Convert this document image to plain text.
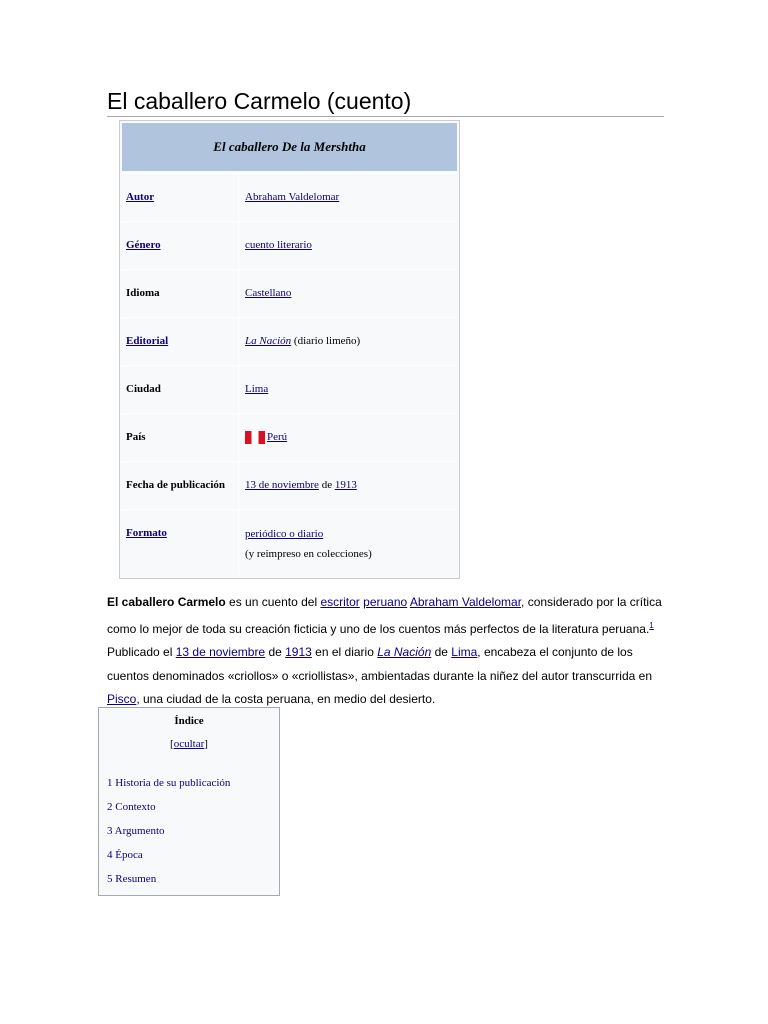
El caballero Carmelo (cuento)
El caballero De la Mershtha
Autor	Abraham Valdelomar
Género	cuento literario
Idioma	Castellano
Editorial	La Nación (diario limeño)
Ciudad	Lima
País	Perú
Fecha de publicación 13 de noviembre de 1913
Formato	periódico o diario
(y reimpreso en colecciones)
El caballero Carmelo es un cuento del escritor peruano Abraham Valdelomar, considerado por la crítica como lo mejor de toda su creación ficticia y uno de los cuentos más perfectos de la literatura peruana.$^1$ Publicado el 13 de noviembre de 1913 en el diario La Nación de Lima, encabeza el conjunto de los cuentos denominados «criollos» o «criollistas», ambientadas durante la niñez del autor transcurrida en Pisco, una ciudad de la costa peruana, en medio del desierto.
Índice
[ocultar]
1 Historia de su publicación
2 Contexto
3 Argumento
4 Época
5 Resumen
